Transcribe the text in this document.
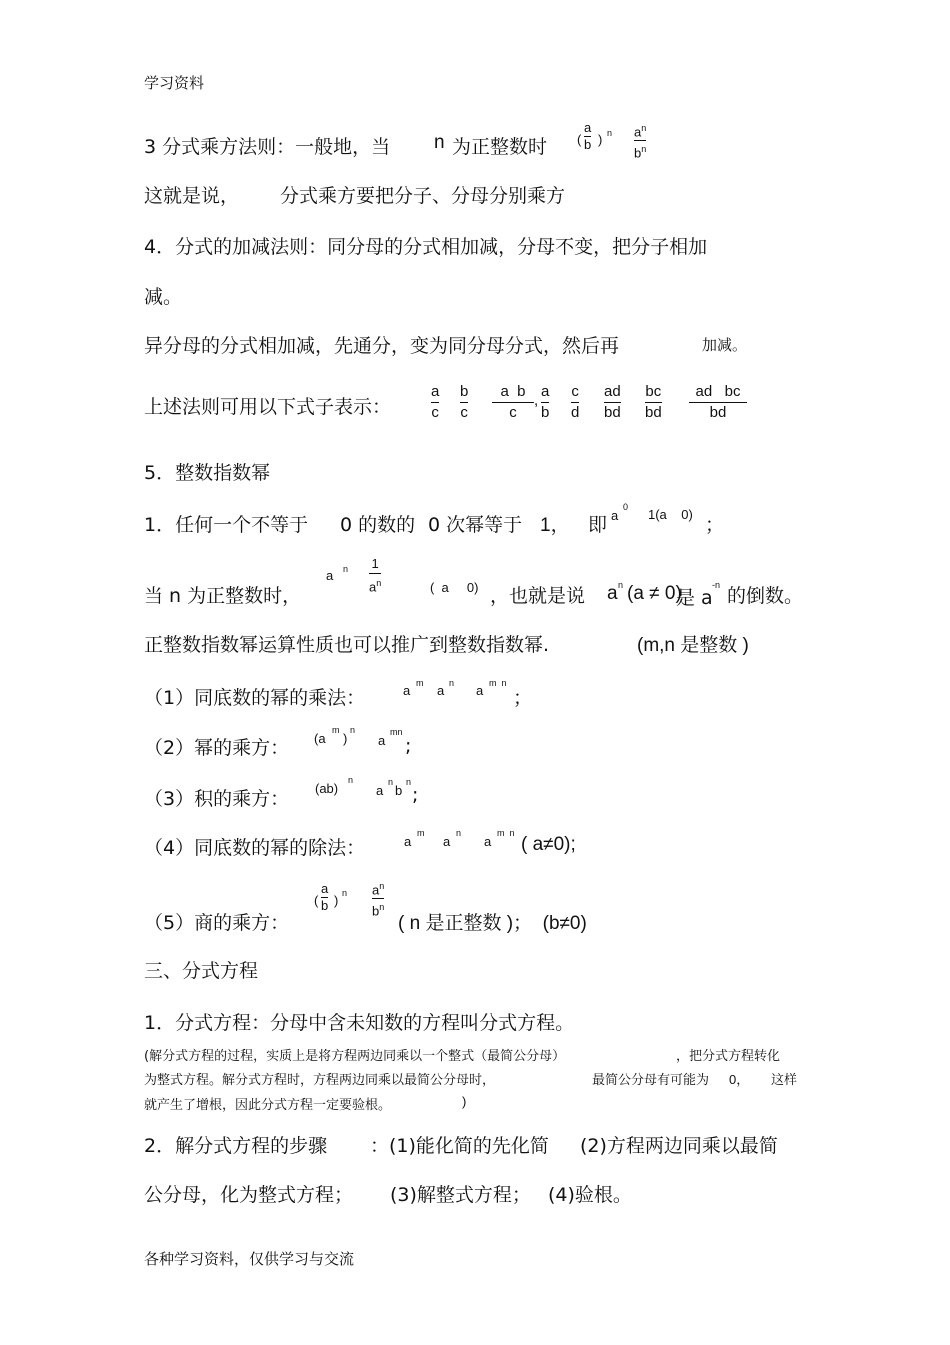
学习资料
3 分式乘方法则：一般地，当 n 为正整数时 (
a
b ) n $a^n$
$b^n$
这就是说， 分式乘方要把分子、分母分别乘方
4．分式的加减法则：同分母的分式相加减，分母不变，把分子相加
减。
异分母的分式相加减，先通分，变为同分母分式，然后再	加减。
上述法则可用以下式子表示：
a
c
b
c
a  b
c
,
a
b
c
d
ad
bd
bc
bd
ad   bc
bd
5．整数指数幂
1．任何一个不等于 0 的数的 0 次幂等于 1， 即 a
0 1(a    0) ；
当 n 为正整数时，
a n 1
$a^n$	(  a     0) ，也就是说 a n (a ≠ 0)
是 a
-n 的倒数。
正整数指数幂运算性质也可以推广到整数指数幂.	(m,n 是整数 )
（1）同底数的幂的乘法：	a m a n a m  n
；
（2）幂的乘方： (a
m
)
n
a
mn
;
（3）积的乘方： (ab)
n
a
n
b
n
;
（4）同底数的幂的除法：	a
m
a
n
a
m  n
( a≠0);
（5）商的乘方：
(
a
b ) n $a^n$
$b^n$
( n 是正整数 )；  (b≠0)
三、分式方程
1．分式方程：分母中含未知数的方程叫分式方程。
(解分式方程的过程，实质上是将方程两边同乘以一个整式（最简公分母）	，把分式方程转化
为整式方程。解分式方程时，方程两边同乘以最简公分母时，	最简公分母有可能为 0， 这样
就产生了增根，因此分式方程一定要验根。	)
2．解分式方程的步骤 ：(1)能化简的先化简 (2)方程两边同乘以最简
公分母，化为整式方程； (3)解整式方程； (4)验根。
各种学习资料，仅供学习与交流
